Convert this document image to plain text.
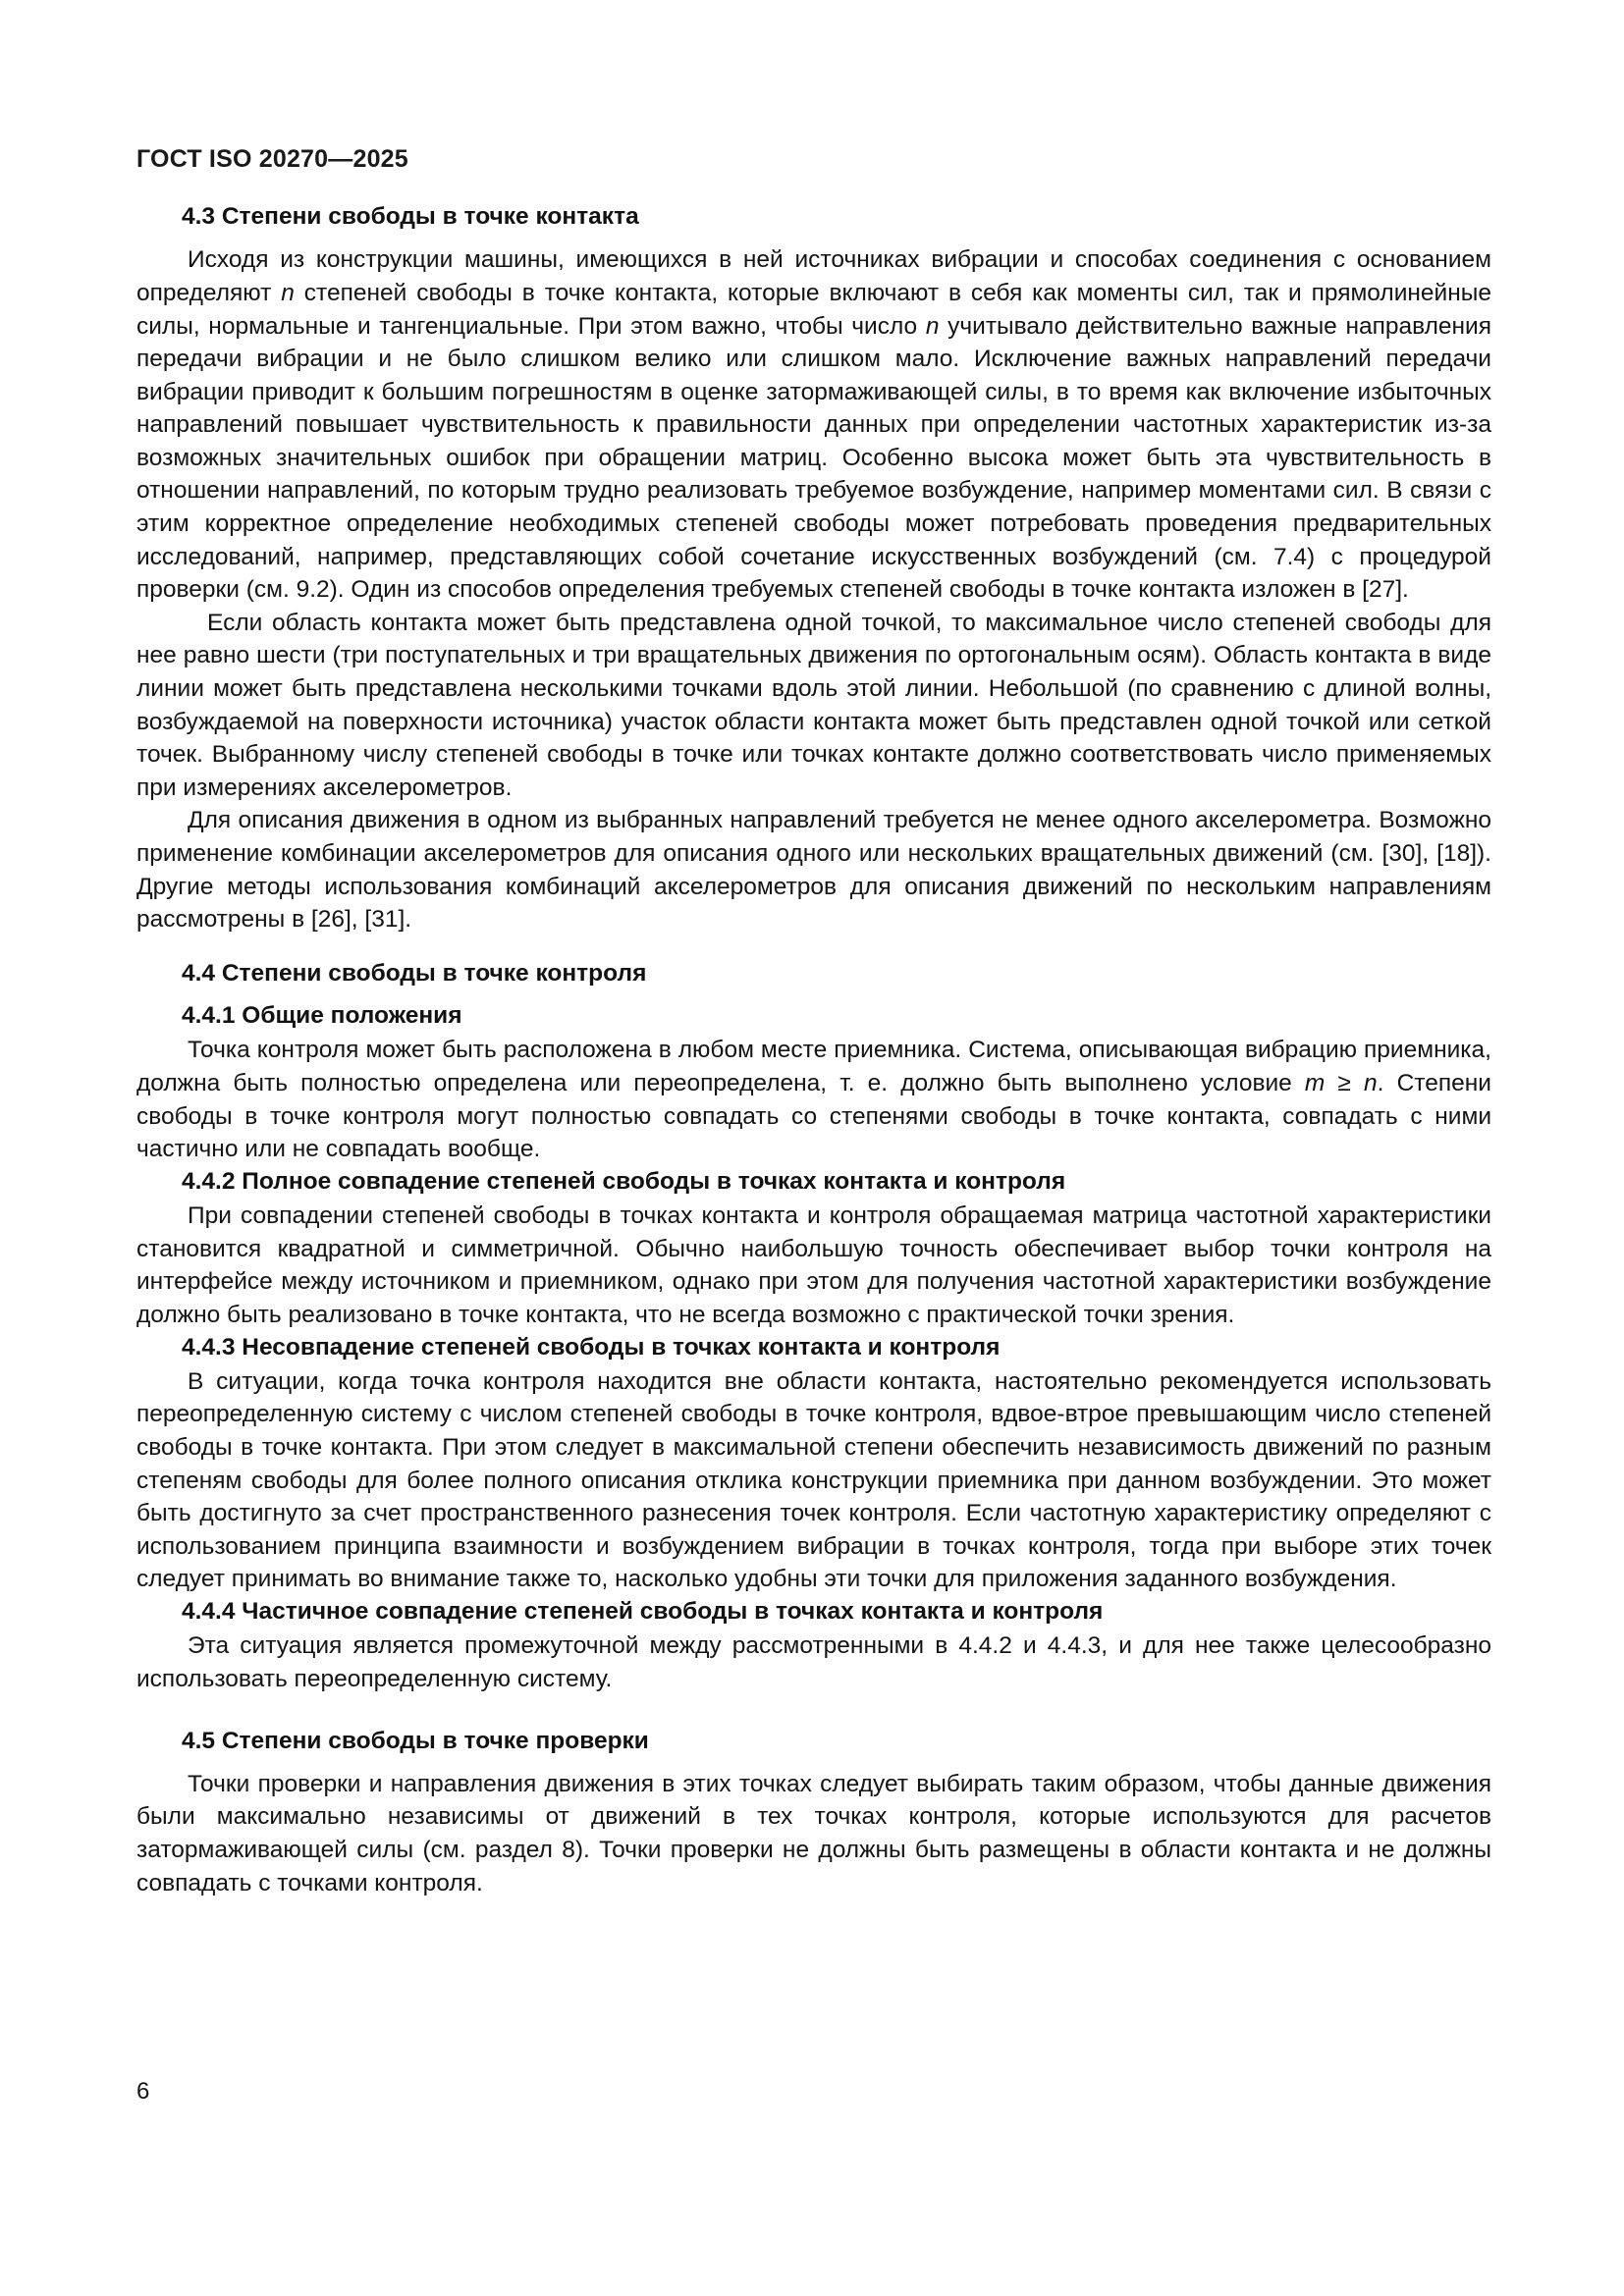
ГОСТ ISO 20270—2025
4.3 Степени свободы в точке контакта

Исходя из конструкции машины, имеющихся в ней источниках вибрации и способах соединения с основанием определяют n степеней свободы в точке контакта, которые включают в себя как моменты сил, так и прямолинейные силы, нормальные и тангенциальные. При этом важно, чтобы число n учитывало действительно важные направления передачи вибрации и не было слишком велико или слишком мало. Исключение важных направлений передачи вибрации приводит к большим погрешностям в оценке затормаживающей силы, в то время как включение избыточных направлений повышает чувствительность к правильности данных при определении частотных характеристик из-за возможных значительных ошибок при обращении матриц. Особенно высока может быть эта чувствительность в отношении направлений, по которым трудно реализовать требуемое возбуждение, например моментами сил. В связи с этим корректное определение необходимых степеней свободы может потребовать проведения предварительных исследований, например, представляющих собой сочетание искусственных возбуждений (см. 7.4) с процедурой проверки (см. 9.2). Один из способов определения требуемых степеней свободы в точке контакта изложен в [27].

Если область контакта может быть представлена одной точкой, то максимальное число степеней свободы для нее равно шести (три поступательных и три вращательных движения по ортогональным осям). Область контакта в виде линии может быть представлена несколькими точками вдоль этой линии. Небольшой (по сравнению с длиной волны, возбуждаемой на поверхности источника) участок области контакта может быть представлен одной точкой или сеткой точек. Выбранному числу степеней свободы в точке или точках контакте должно соответствовать число применяемых при измерениях акселерометров.

Для описания движения в одном из выбранных направлений требуется не менее одного акселерометра. Возможно применение комбинации акселерометров для описания одного или нескольких вращательных движений (см. [30], [18]). Другие методы использования комбинаций акселерометров для описания движений по нескольким направлениям рассмотрены в [26], [31].

4.4 Степени свободы в точке контроля
4.4.1 Общие положения

Точка контроля может быть расположена в любом месте приемника. Система, описывающая вибрацию приемника, должна быть полностью определена или переопределена, т. е. должно быть выполнено условие m ≥ n. Степени свободы в точке контроля могут полностью совпадать со степенями свободы в точке контакта, совпадать с ними частично или не совпадать вообще.

4.4.2 Полное совпадение степеней свободы в точках контакта и контроля

При совпадении степеней свободы в точках контакта и контроля обращаемая матрица частотной характеристики становится квадратной и симметричной. Обычно наибольшую точность обеспечивает выбор точки контроля на интерфейсе между источником и приемником, однако при этом для получения частотной характеристики возбуждение должно быть реализовано в точке контакта, что не всегда возможно с практической точки зрения.

4.4.3 Несовпадение степеней свободы в точках контакта и контроля

В ситуации, когда точка контроля находится вне области контакта, настоятельно рекомендуется использовать переопределенную систему с числом степеней свободы в точке контроля, вдвое-втрое превышающим число степеней свободы в точке контакта. При этом следует в максимальной степени обеспечить независимость движений по разным степеням свободы для более полного описания отклика конструкции приемника при данном возбуждении. Это может быть достигнуто за счет пространственного разнесения точек контроля. Если частотную характеристику определяют с использованием принципа взаимности и возбуждением вибрации в точках контроля, тогда при выборе этих точек следует принимать во внимание также то, насколько удобны эти точки для приложения заданного возбуждения.

4.4.4 Частичное совпадение степеней свободы в точках контакта и контроля

Эта ситуация является промежуточной между рассмотренными в 4.4.2 и 4.4.3, и для нее также целесообразно использовать переопределенную систему.

4.5 Степени свободы в точке проверки

Точки проверки и направления движения в этих точках следует выбирать таким образом, чтобы данные движения были максимально независимы от движений в тех точках контроля, которые используются для расчетов затормаживающей силы (см. раздел 8). Точки проверки не должны быть размещены в области контакта и не должны совпадать с точками контроля.

6
